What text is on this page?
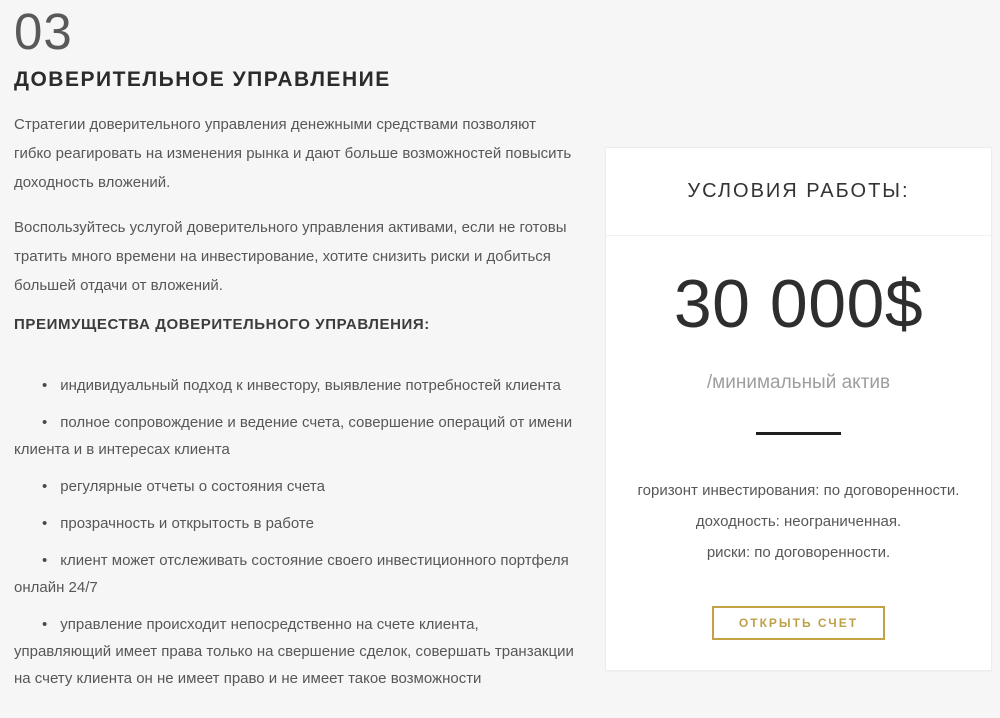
03
ДОВЕРИТЕЛЬНОЕ УПРАВЛЕНИЕ

Стратегии доверительного управления денежными средствами позволяют гибко реагировать на изменения рынка и дают больше возможностей повысить доходность вложений.

Воспользуйтесь услугой доверительного управления активами, если не готовы тратить много времени на инвестирование, хотите снизить риски и добиться большей отдачи от вложений.

ПРЕИМУЩЕСТВА ДОВЕРИТЕЛЬНОГО УПРАВЛЕНИЯ:
• индивидуальный подход к инвестору, выявление потребностей клиента
• полное сопровождение и ведение счета, совершение операций от имени клиента и в интересах клиента
• регулярные отчеты о состояния счета
• прозрачность и открытость в работе
• клиент может отслеживать состояние своего инвестиционного портфеля онлайн 24/7
• управление происходит непосредственно на счете клиента, управляющий имеет права только на свершение сделок, совершать транзакции на счету клиента он не имеет право и не имеет такое возможности
УСЛОВИЯ РАБОТЫ:
30 000$
/минимальный актив
горизонт инвестирования: по договоренности.
доходность: неограниченная.
риски: по договоренности.
ОТКРЫТЬ СЧЕТ
